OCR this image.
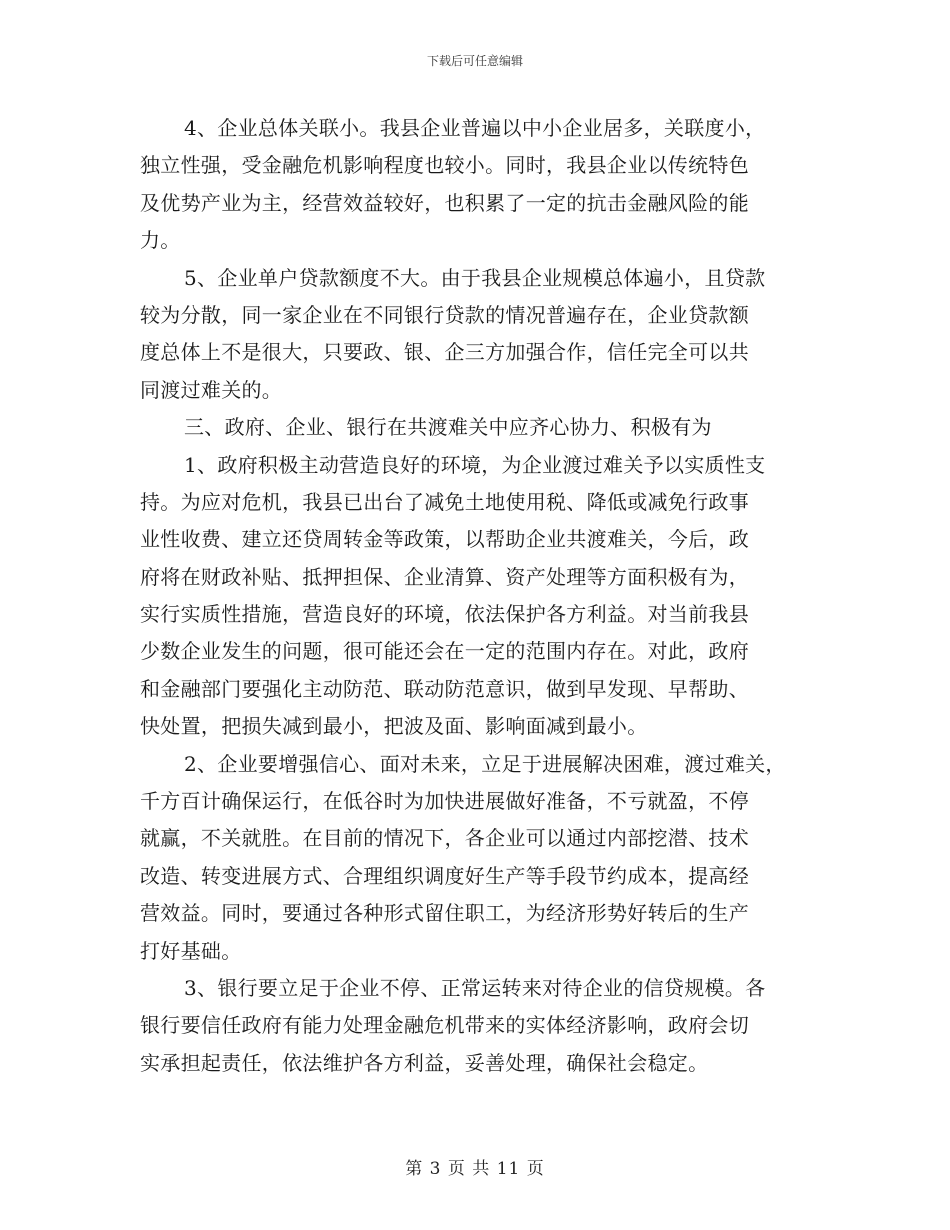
下载后可任意编辑
4、企业总体关联小。我县企业普遍以中小企业居多，关联度小，
独立性强，受金融危机影响程度也较小。同时，我县企业以传统特色
及优势产业为主，经营效益较好，也积累了一定的抗击金融风险的能
力。
5、企业单户贷款额度不大。由于我县企业规模总体遍小，且贷款
较为分散，同一家企业在不同银行贷款的情况普遍存在，企业贷款额
度总体上不是很大，只要政、银、企三方加强合作，信任完全可以共
同渡过难关的。
三、政府、企业、银行在共渡难关中应齐心协力、积极有为
1、政府积极主动营造良好的环境，为企业渡过难关予以实质性支
持。为应对危机，我县已出台了减免土地使用税、降低或减免行政事
业性收费、建立还贷周转金等政策，以帮助企业共渡难关，今后，政
府将在财政补贴、抵押担保、企业清算、资产处理等方面积极有为，
实行实质性措施，营造良好的环境，依法保护各方利益。对当前我县
少数企业发生的问题，很可能还会在一定的范围内存在。对此，政府
和金融部门要强化主动防范、联动防范意识，做到早发现、早帮助、
快处置，把损失减到最小，把波及面、影响面减到最小。
2、企业要增强信心、面对未来，立足于进展解决困难，渡过难关，
千方百计确保运行，在低谷时为加快进展做好准备，不亏就盈，不停
就赢，不关就胜。在目前的情况下，各企业可以通过内部挖潜、技术
改造、转变进展方式、合理组织调度好生产等手段节约成本，提高经
营效益。同时，要通过各种形式留住职工，为经济形势好转后的生产
打好基础。
3、银行要立足于企业不停、正常运转来对待企业的信贷规模。各
银行要信任政府有能力处理金融危机带来的实体经济影响，政府会切
实承担起责任，依法维护各方利益，妥善处理，确保社会稳定。
第 3 页 共 11 页
